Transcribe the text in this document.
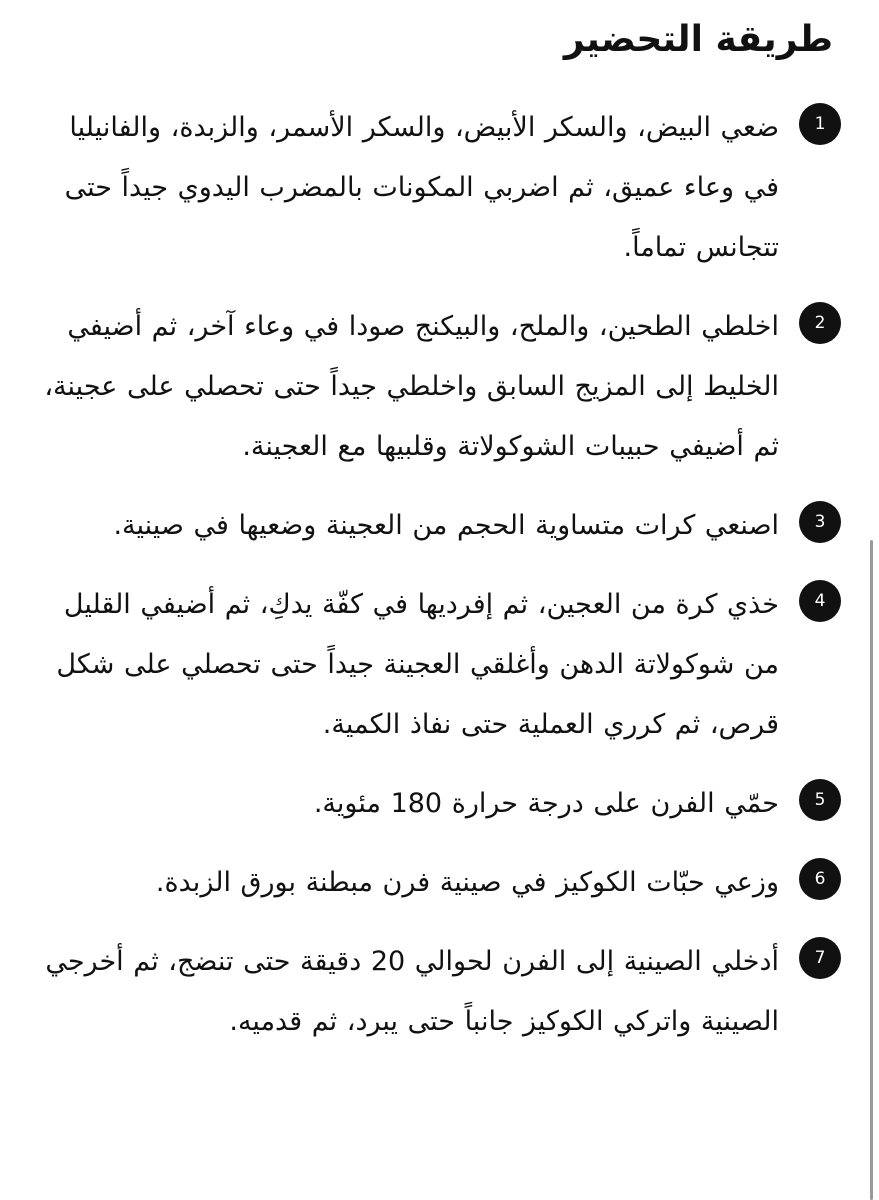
طريقة التحضير
1

ضعي البيض، والسكر الأبيض، والسكر الأسمر، والزبدة، والفانيليا في وعاء عميق، ثم اضربي المكونات بالمضرب اليدوي جيداً حتى تتجانس تماماً.

2

اخلطي الطحين، والملح، والبيكنج صودا في وعاء آخر، ثم أضيفي الخليط إلى المزيج السابق واخلطي جيداً حتى تحصلي على عجينة، ثم أضيفي حبيبات الشوكولاتة وقلبيها مع العجينة.

3

اصنعي كرات متساوية الحجم من العجينة وضعيها في صينية.

4

خذي كرة من العجين، ثم إفرديها في كفّة يدكِ، ثم أضيفي القليل من شوكولاتة الدهن وأغلقي العجينة جيداً حتى تحصلي على شكل قرص، ثم كرري العملية حتى نفاذ الكمية.

5

حمّي الفرن على درجة حرارة 180 مئوية.

6

وزعي حبّات الكوكيز في صينية فرن مبطنة بورق الزبدة.

7

أدخلي الصينية إلى الفرن لحوالي 20 دقيقة حتى تنضج، ثم أخرجي الصينية واتركي الكوكيز جانباً حتى يبرد، ثم قدميه.
